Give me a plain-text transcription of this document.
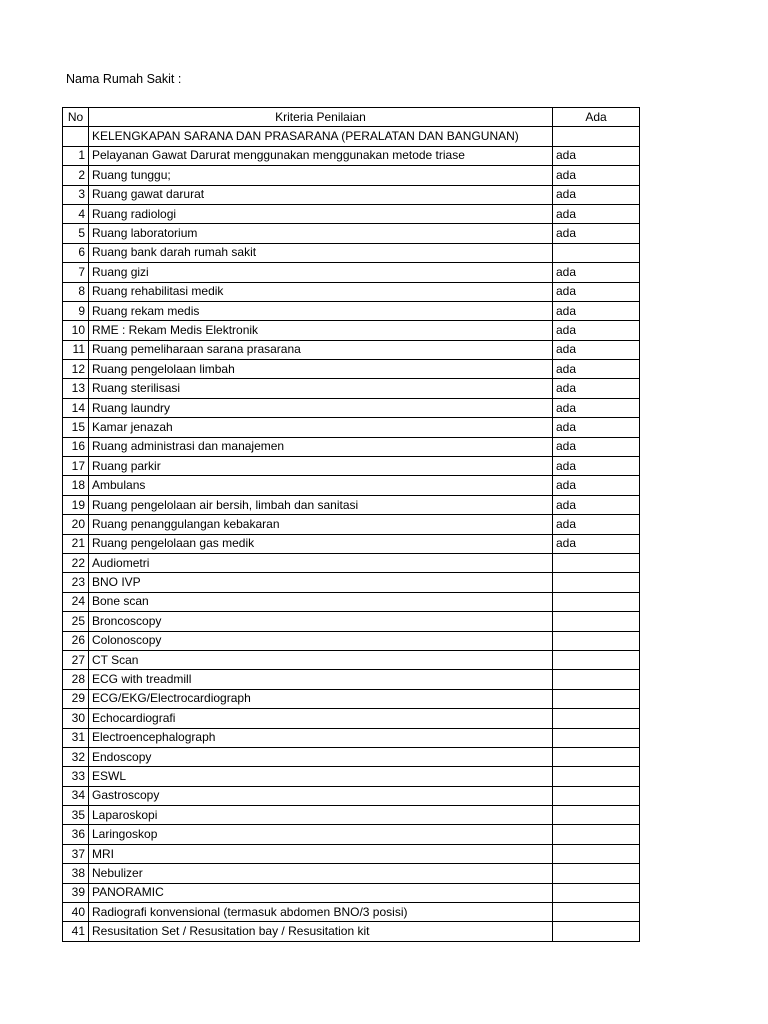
Nama Rumah Sakit :
No	Kriteria Penilaian	Ada
	KELENGKAPAN SARANA DAN PRASARANA (PERALATAN DAN BANGUNAN)	
1	Pelayanan Gawat Darurat menggunakan menggunakan metode triase	ada
2	Ruang tunggu;	ada
3	Ruang gawat darurat	ada
4	Ruang radiologi	ada
5	Ruang laboratorium	ada
6	Ruang bank darah rumah sakit	
7	Ruang gizi	ada
8	Ruang rehabilitasi medik	ada
9	Ruang rekam medis	ada
10	RME : Rekam Medis Elektronik	ada
11	Ruang pemeliharaan sarana prasarana	ada
12	Ruang pengelolaan limbah	ada
13	Ruang sterilisasi	ada
14	Ruang laundry	ada
15	Kamar jenazah	ada
16	Ruang administrasi dan manajemen	ada
17	Ruang parkir	ada
18	Ambulans	ada
19	Ruang pengelolaan air bersih, limbah dan sanitasi	ada
20	Ruang penanggulangan kebakaran	ada
21	Ruang pengelolaan gas medik	ada
22	Audiometri	
23	BNO IVP	
24	Bone scan	
25	Broncoscopy	
26	Colonoscopy	
27	CT Scan	
28	ECG with treadmill	
29	ECG/EKG/Electrocardiograph	
30	Echocardiografi	
31	Electroencephalograph	
32	Endoscopy	
33	ESWL	
34	Gastroscopy	
35	Laparoskopi	
36	Laringoskop	
37	MRI	
38	Nebulizer	
39	PANORAMIC	
40	Radiografi konvensional (termasuk abdomen BNO/3 posisi)	
41	Resusitation Set / Resusitation bay / Resusitation kit	
